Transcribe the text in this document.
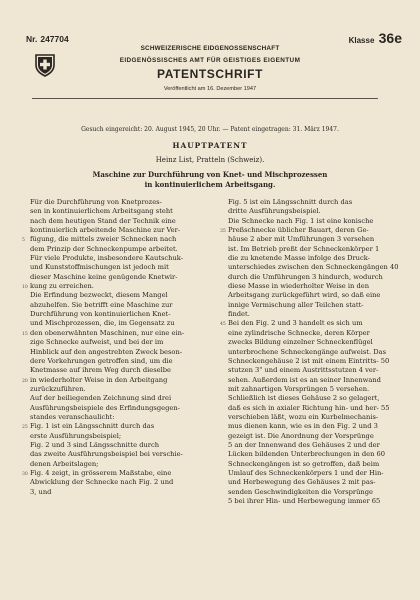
Nr. 247704	Klasse 36e
SCHWEIZERISCHE EIDGENOSSENSCHAFT
EIDGENÖSSISCHES AMT FÜR GEISTIGES EIGENTUM
PATENTSCHRIFT
Veröffentlicht am 16. Dezember 1947
Gesuch eingereicht: 20. August 1945, 20 Uhr. — Patent eingetragen: 31. März 1947.
HAUPTPATENT
Heinz List, Pratteln (Schweiz).
Maschine zur Durchführung von Knet- und Mischprozessen
in kontinuierlichem Arbeitsgang.
Für die Durchführung von Knetprozes-
sen in kontinuierlichem Arbeitsgang steht
nach dem heutigen Stand der Technik eine
kontinuierlich arbeitende Maschine zur Ver-
5 fügung, die mittels zweier Schnecken nach
dem Prinzip der Schneckenpumpe arbeitet.
Für viele Produkte, insbesondere Kautschuk-
und Kunststoffmischungen ist jedoch mit
dieser Maschine keine genügende Knetwir-
10 kung zu erreichen.
Die Erfindung bezweckt, diesem Mangel
abzuhelfen. Sie betrifft eine Maschine zur
Durchführung von kontinuierlichen Knet-
und Mischprozessen, die, im Gegensatz zu
15 den obenerwähnten Maschinen, nur eine ein-
zige Schnecke aufweist, und bei der im
Hinblick auf den angestrebten Zweck beson-
dere Vorkehrungen getroffen sind, um die
Knetmasse auf ihrem Weg durch dieselbe
20 in wiederholter Weise in den Arbeitgang
zurückzuführen.
Auf der beiliegenden Zeichnung sind drei
Ausführungsbeispiele des Erfindungsgegen-
standes veranschaulicht:
25 Fig. 1 ist ein Längsschnitt durch das
erste Ausführungsbeispiel;
Fig. 2 und 3 sind Längsschnitte durch
das zweite Ausführungsbeispiel bei verschie-
denen Arbeitslagen;
30 Fig. 4 zeigt, in grösserem Maßstabe, eine
Abwicklung der Schnecke nach Fig. 2 und
3, und
Fig. 5 ist ein Längsschnitt durch das
dritte Ausführungsbeispiel.
Die Schnecke nach Fig. 1 ist eine konische
35 Preßschnecke üblicher Bauart, deren Ge-
häuse 2 aber mit Umführungen 3 versehen
ist. Im Betrieb preßt der Schneckenkörper 1
die zu knetende Masse infolge des Druck-
unterschiedes zwischen den Schneckengängen 40
durch die Umführungen 3 hindurch, wodurch
diese Masse in wiederholter Weise in den
Arbeitsgang zurückgeführt wird, so daß eine
innige Vermischung aller Teilchen statt-
findet.
45 Bei den Fig. 2 und 3 handelt es sich um
eine zylindrische Schnecke, deren Körper
zwecks Bildung einzelner Schneckenflügel
unterbrochene Schneckengänge aufweist. Das
Schneckengehäuse 2 ist mit einem Eintritts- 50
stutzen 3" und einem Austrittsstutzen 4 ver-
sehen. Außerdem ist es an seiner Innenwand
mit zahnartigen Vorsprüngen 5 versehen.
Schließlich ist dieses Gehäuse 2 so gelagert,
daß es sich in axialer Richtung hin- und her- 55
verschieben läßt, wozu ein Kurbelmechanis-
mus dienen kann, wie es in den Fig. 2 und 3
gezeigt ist. Die Anordnung der Vorsprünge
5 an der Innenwand des Gehäuses 2 und der
Lücken bildenden Unterbrechungen in den 60
Schneckengängen ist so getroffen, daß beim
Umlauf des Schneckenkörpers 1 und der Hin-
und Herbewegung des Gehäuses 2 mit pas-
senden Geschwindigkeiten die Vorsprünge
5 bei ihrer Hin- und Herbewegung immer 65
